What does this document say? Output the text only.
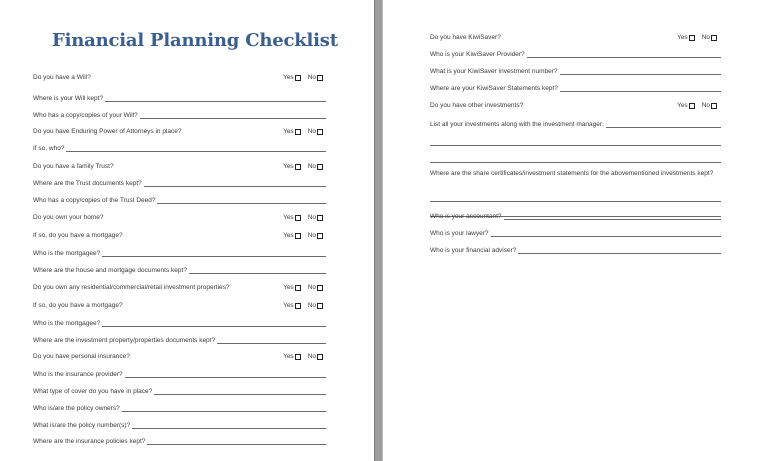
Financial Planning Checklist
Do you have a Will?	Yes No
Where is your Will kept?
Who has a copy/copies of your Will?
Do you have Enduring Power of Attorneys in place?	Yes No
If so, who?
Do you have a family Trust?	Yes No
Where are the Trust documents kept?
Who has a copy/copies of the Trust Deed?
Do you own your home?	Yes No
If so, do you have a mortgage?	Yes No
Who is the mortgagee?
Where are the house and mortgage documents kept?
Do you own any residential/commercial/retail investment properties?	Yes No
If so, do you have a mortgage?	Yes No
Who is the mortgagee?
Where are the investment property/properties documents kept?
Do you have personal insurance?	Yes No
Who is the insurance provider?
What type of cover do you have in place?
Who is/are the policy owners?
What is/are the policy number(s)?
Where are the insurance policies kept?
Do you have KiwiSaver?	Yes No
Who is your KiwiSaver Provider?
What is your KiwiSaver investment number?
Where are your KiwiSaver Statements kept?
Do you have other investments?	Yes No
List all your investments along with the investment manager:
Where are the share certificates/investment statements for the abovementioned investments kept?
Who is your accountant?
Who is your lawyer?
Who is your financial adviser?
